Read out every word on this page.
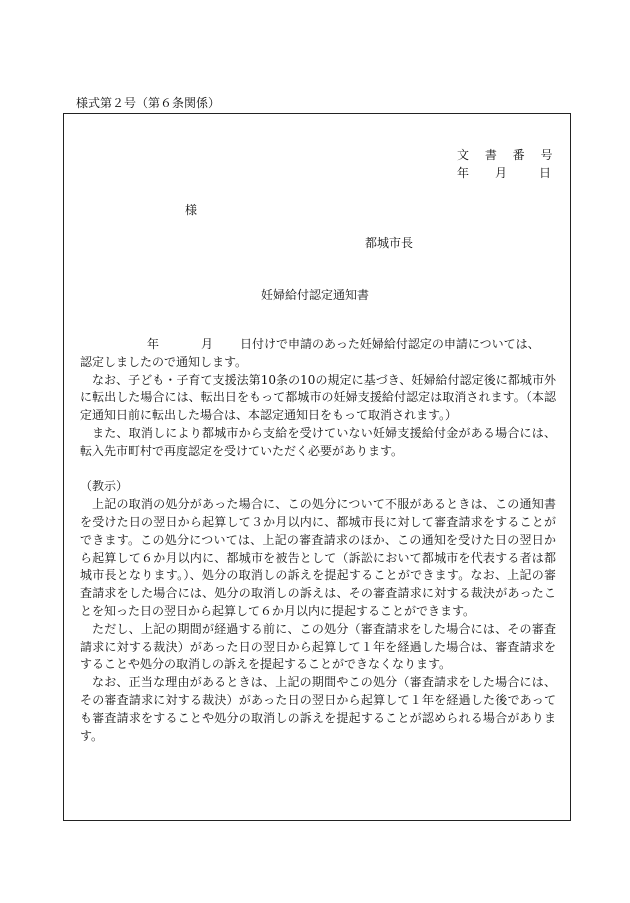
様式第２号（第６条関係）
文 書 番 号
年 月	日
様
都城市長
妊婦給付認定通知書

年	月 日付けで申請のあった妊婦給付認定の申請については、
認定しましたので通知します。

なお、子ども・子育て支援法第10条の10の規定に基づき、妊婦給付認定後に都城市外に転出した場合には、転出日をもって都城市の妊婦支援給付認定は取消されます。（本認定通知日前に転出した場合は、本認定通知日をもって取消されます。）

また、取消しにより都城市から支給を受けていない妊婦支援給付金がある場合には、転入先市町村で再度認定を受けていただく必要があります。

（教示）

上記の取消の処分があった場合に、この処分について不服があるときは、この通知書を受けた日の翌日から起算して３か月以内に、都城市長に対して審査請求をすることができます。この処分については、上記の審査請求のほか、この通知を受けた日の翌日から起算して６か月以内に、都城市を被告として（訴訟において都城市を代表する者は都城市長となります。）、処分の取消しの訴えを提起することができます。なお、上記の審査請求をした場合には、処分の取消しの訴えは、その審査請求に対する裁決があったことを知った日の翌日から起算して６か月以内に提起することができます。

ただし、上記の期間が経過する前に、この処分（審査請求をした場合には、その審査請求に対する裁決）があった日の翌日から起算して１年を経過した場合は、審査請求をすることや処分の取消しの訴えを提起することができなくなります。

なお、正当な理由があるときは、上記の期間やこの処分（審査請求をした場合には、その審査請求に対する裁決）があった日の翌日から起算して１年を経過した後であっても審査請求をすることや処分の取消しの訴えを提起することが認められる場合があります。
